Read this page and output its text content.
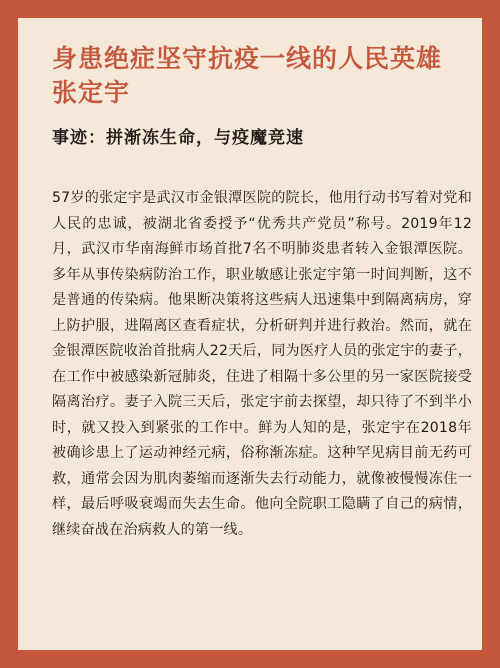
身患绝症坚守抗疫一线的人民英雄张定宇
事迹：拼渐冻生命，与疫魔竞速

57岁的张定宇是武汉市金银潭医院的院长，他用行动书写着对党和人民的忠诚，被湖北省委授予“优秀共产党员”称号。2019年12月，武汉市华南海鲜市场首批7名不明肺炎患者转入金银潭医院。多年从事传染病防治工作，职业敏感让张定宇第一时间判断，这不是普通的传染病。他果断决策将这些病人迅速集中到隔离病房，穿上防护服，进隔离区查看症状，分析研判并进行救治。然而，就在金银潭医院收治首批病人22天后，同为医疗人员的张定宇的妻子，在工作中被感染新冠肺炎，住进了相隔十多公里的另一家医院接受隔离治疗。妻子入院三天后，张定宇前去探望，却只待了不到半小时，就又投入到紧张的工作中。鲜为人知的是，张定宇在2018年被确诊患上了运动神经元病，俗称渐冻症。这种罕见病目前无药可救，通常会因为肌肉萎缩而逐渐失去行动能力，就像被慢慢冻住一样，最后呼吸衰竭而失去生命。他向全院职工隐瞒了自己的病情，继续奋战在治病救人的第一线。
